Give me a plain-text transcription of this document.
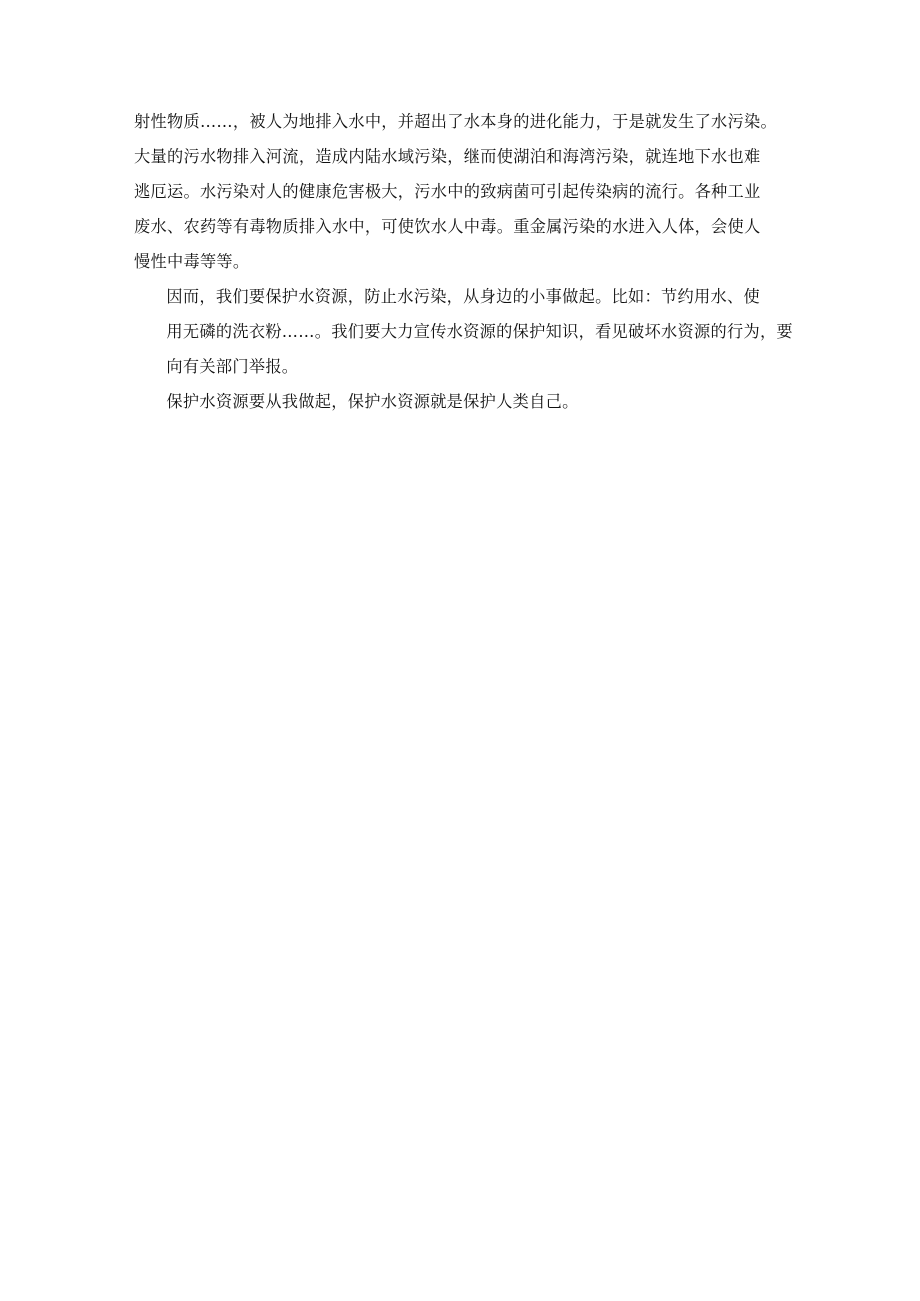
射性物质……，被人为地排入水中，并超出了水本身的进化能力，于是就发生了水污染。
大量的污水物排入河流，造成内陆水域污染，继而使湖泊和海湾污染，就连地下水也难
逃厄运。水污染对人的健康危害极大，污水中的致病菌可引起传染病的流行。各种工业
废水、农药等有毒物质排入水中，可使饮水人中毒。重金属污染的水进入人体，会使人
慢性中毒等等。

因而，我们要保护水资源，防止水污染，从身边的小事做起。比如：节约用水、使
用无磷的洗衣粉……。我们要大力宣传水资源的保护知识，看见破坏水资源的行为，要
向有关部门举报。

保护水资源要从我做起，保护水资源就是保护人类自己。
